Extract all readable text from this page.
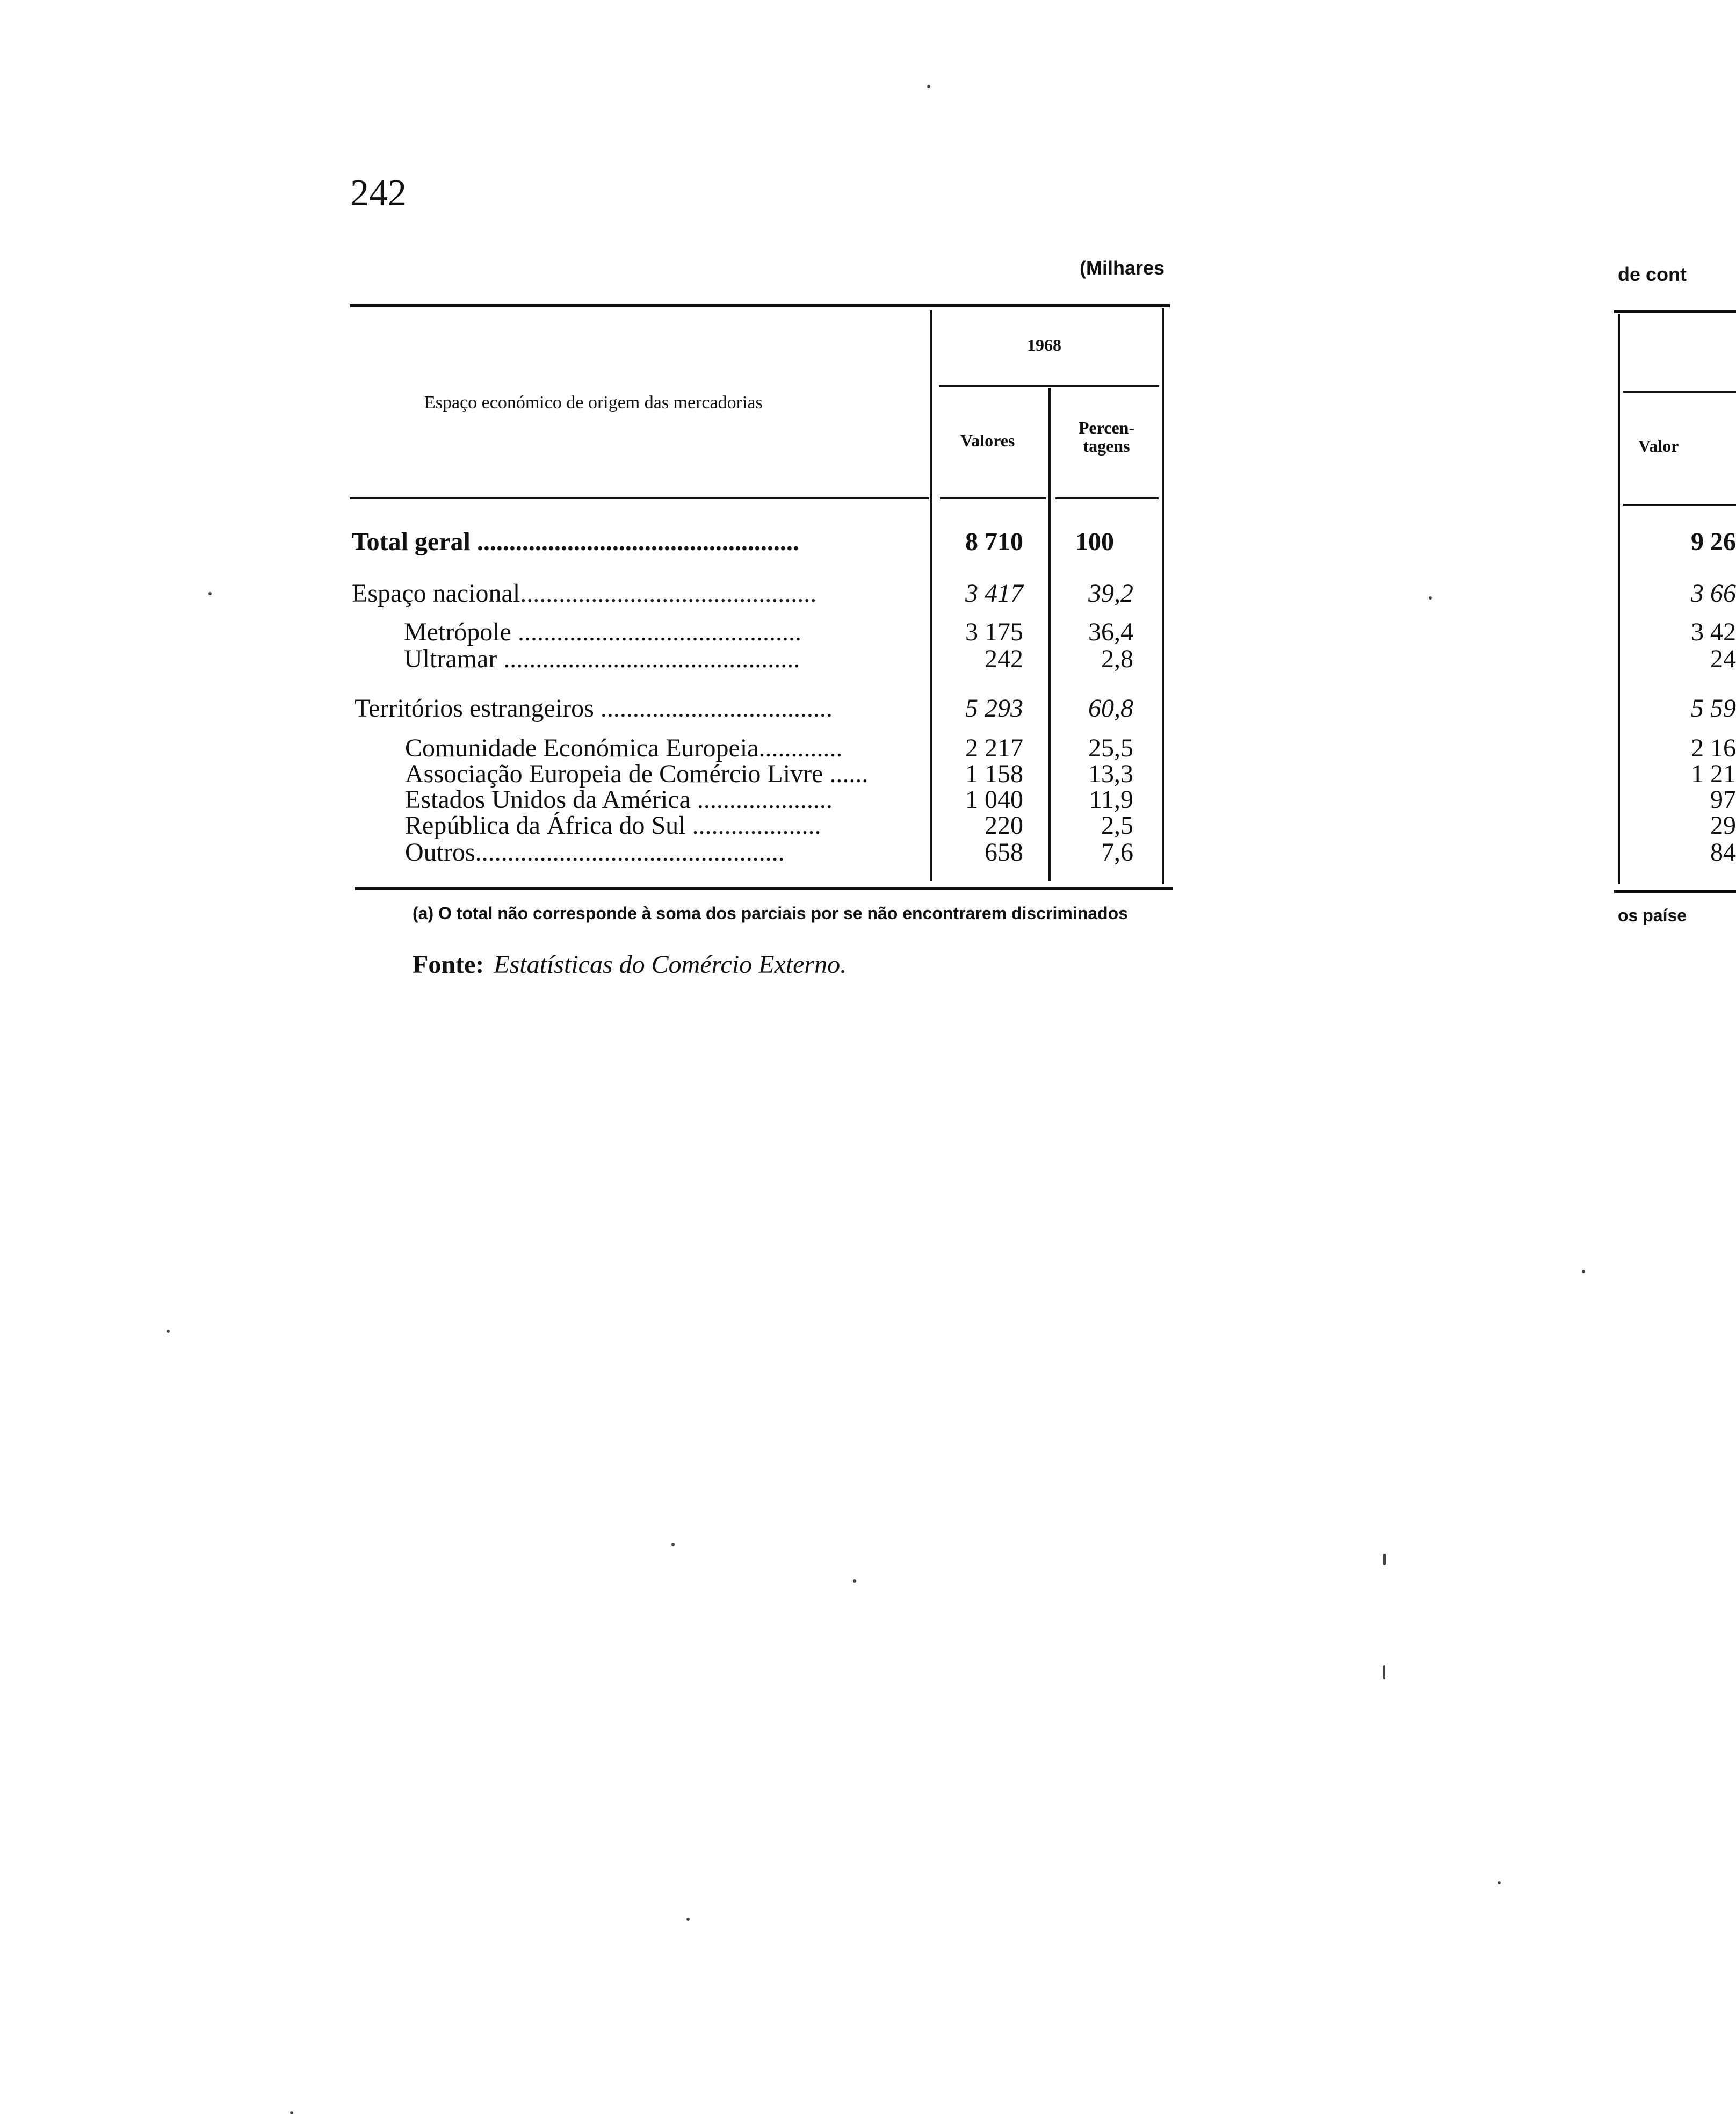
242
(Milhares	de cont
1968
Espaço económico de origem das mercadorias
Valores
Percen-
tagens	Valor
Total geral ..................................................	8 710	100	9 26
Espaço nacional..............................................	3 417	39,2	3 66
Metrópole ............................................	3 175	36,4	3 42
Ultramar ..............................................	242	2,8	24
Territórios estrangeiros ....................................	5 293	60,8	5 59
Comunidade Económica Europeia.............	2 217	25,5	2 16
Associação Europeia de Comércio Livre ......	1 158	13,3	1 21
Estados Unidos da América .....................	1 040	11,9	97
República da África do Sul ....................	220	2,5	29
Outros................................................	658	7,6	84
(a) O total não corresponde à soma dos parciais por se não encontrarem discriminados	os paíse
Fonte: Estatísticas do Comércio Externo.
